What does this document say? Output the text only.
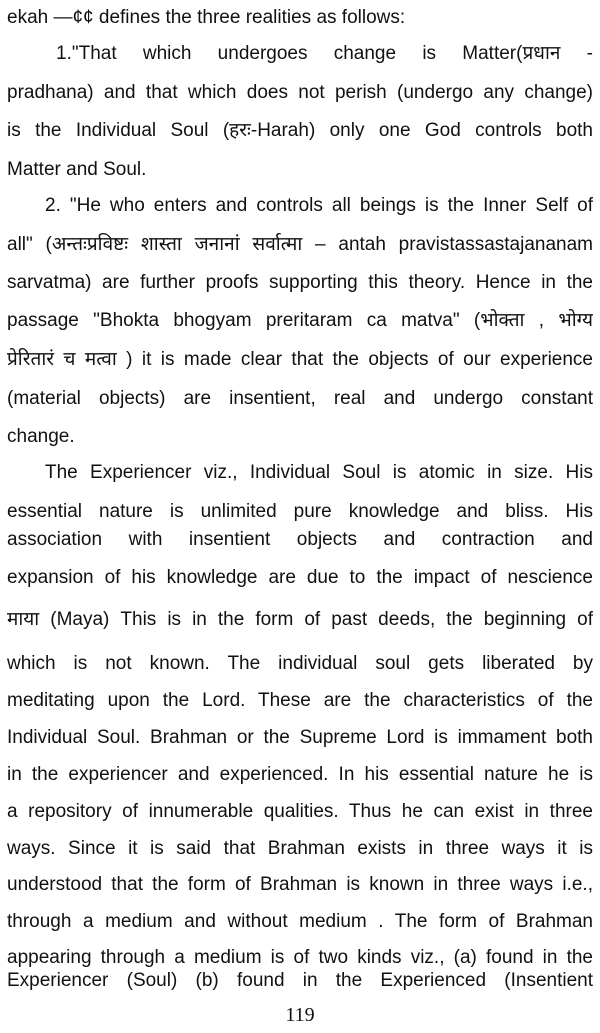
ekah —¢¢ defines the three realities as follows:
1."That which undergoes change is Matter(प्रधान -
pradhana) and that which does not perish (undergo any change)
is the Individual Soul (हरः-Harah) only one God controls both
Matter and Soul.
2. "He who enters and controls all beings is the Inner Self of
all" (अन्तःप्रविष्टः शास्ता जनानां सर्वात्मा – antah pravistassastajananam
sarvatma) are further proofs supporting this theory. Hence in the
passage "Bhokta bhogyam preritaram ca matva" (भोक्ता , भोग्य
प्रेरितारं च मत्वा ) it is made clear that the objects of our experience
(material objects) are insentient, real and undergo constant
change.
The Experiencer viz., Individual Soul is atomic in size. His
essential nature is unlimited pure knowledge and bliss. His
association with insentient objects and contraction and
expansion of his knowledge are due to the impact of nescience
माया (Maya) This is in the form of past deeds, the beginning of
which is not known. The individual soul gets liberated by
meditating upon the Lord. These are the characteristics of the
Individual Soul. Brahman or the Supreme Lord is immament both
in the experiencer and experienced. In his essential nature he is
a repository of innumerable qualities. Thus he can exist in three
ways. Since it is said that Brahman exists in three ways it is
understood that the form of Brahman is known in three ways i.e.,
through a medium and without medium . The form of Brahman
appearing through a medium is of two kinds viz., (a) found in the
Experiencer (Soul) (b) found in the Experienced (Insentient
119
